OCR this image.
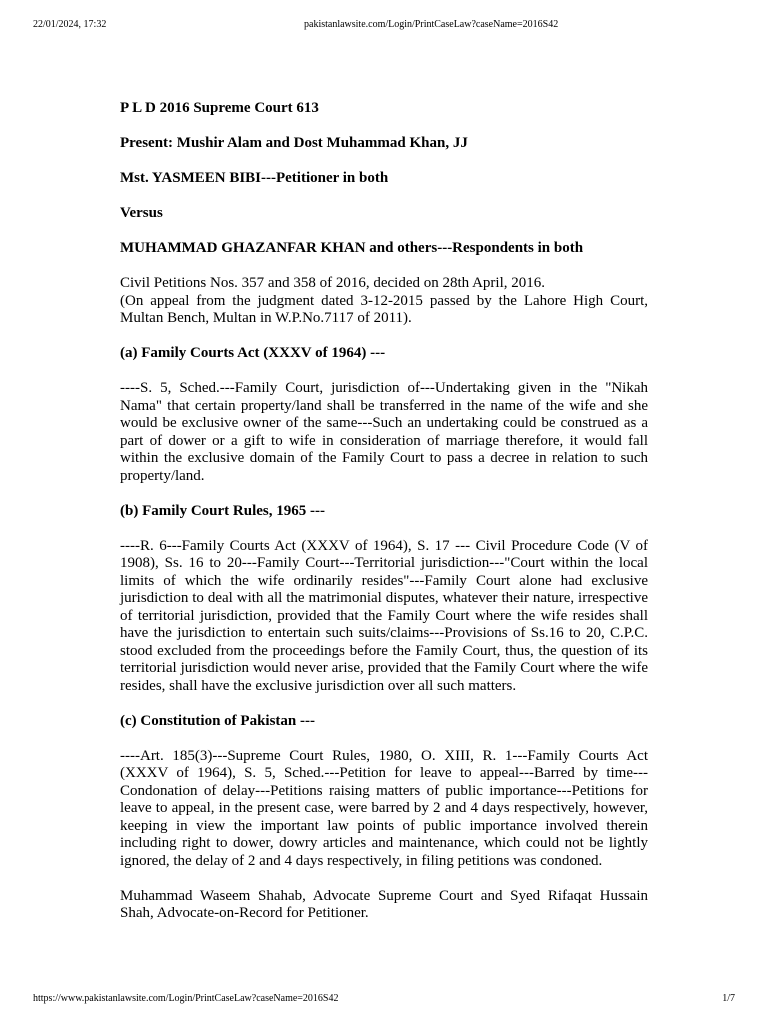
22/01/2024, 17:32	pakistanlawsite.com/Login/PrintCaseLaw?caseName=2016S42
P L D 2016 Supreme Court 613
Present: Mushir Alam and Dost Muhammad Khan, JJ
Mst. YASMEEN BIBI---Petitioner in both
Versus
MUHAMMAD GHAZANFAR KHAN and others---Respondents in both
Civil Petitions Nos. 357 and 358 of 2016, decided on 28th April, 2016.
(On appeal from the judgment dated 3-12-2015 passed by the Lahore High Court, Multan Bench, Multan in W.P.No.7117 of 2011).
(a) Family Courts Act (XXXV of 1964) ---
----S. 5, Sched.---Family Court, jurisdiction of---Undertaking given in the "Nikah Nama" that certain property/land shall be transferred in the name of the wife and she would be exclusive owner of the same---Such an undertaking could be construed as a part of dower or a gift to wife in consideration of marriage therefore, it would fall within the exclusive domain of the Family Court to pass a decree in relation to such property/land.
(b) Family Court Rules, 1965 ---
----R. 6---Family Courts Act (XXXV of 1964), S. 17 --- Civil Procedure Code (V of 1908), Ss. 16 to 20---Family Court---Territorial jurisdiction---"Court within the local limits of which the wife ordinarily resides"---Family Court alone had exclusive jurisdiction to deal with all the matrimonial disputes, whatever their nature, irrespective of territorial jurisdiction, provided that the Family Court where the wife resides shall have the jurisdiction to entertain such suits/claims---Provisions of Ss.16 to 20, C.P.C. stood excluded from the proceedings before the Family Court, thus, the question of its territorial jurisdiction would never arise, provided that the Family Court where the wife resides, shall have the exclusive jurisdiction over all such matters.
(c) Constitution of Pakistan ---
----Art. 185(3)---Supreme Court Rules, 1980, O. XIII, R. 1---Family Courts Act (XXXV of 1964), S. 5, Sched.---Petition for leave to appeal---Barred by time---Condonation of delay---Petitions raising matters of public importance---Petitions for leave to appeal, in the present case, were barred by 2 and 4 days respectively, however, keeping in view the important law points of public importance involved therein including right to dower, dowry articles and maintenance, which could not be lightly ignored, the delay of 2 and 4 days respectively, in filing petitions was condoned.
Muhammad Waseem Shahab, Advocate Supreme Court and Syed Rifaqat Hussain Shah, Advocate-on-Record for Petitioner.
https://www.pakistanlawsite.com/Login/PrintCaseLaw?caseName=2016S42	1/7
